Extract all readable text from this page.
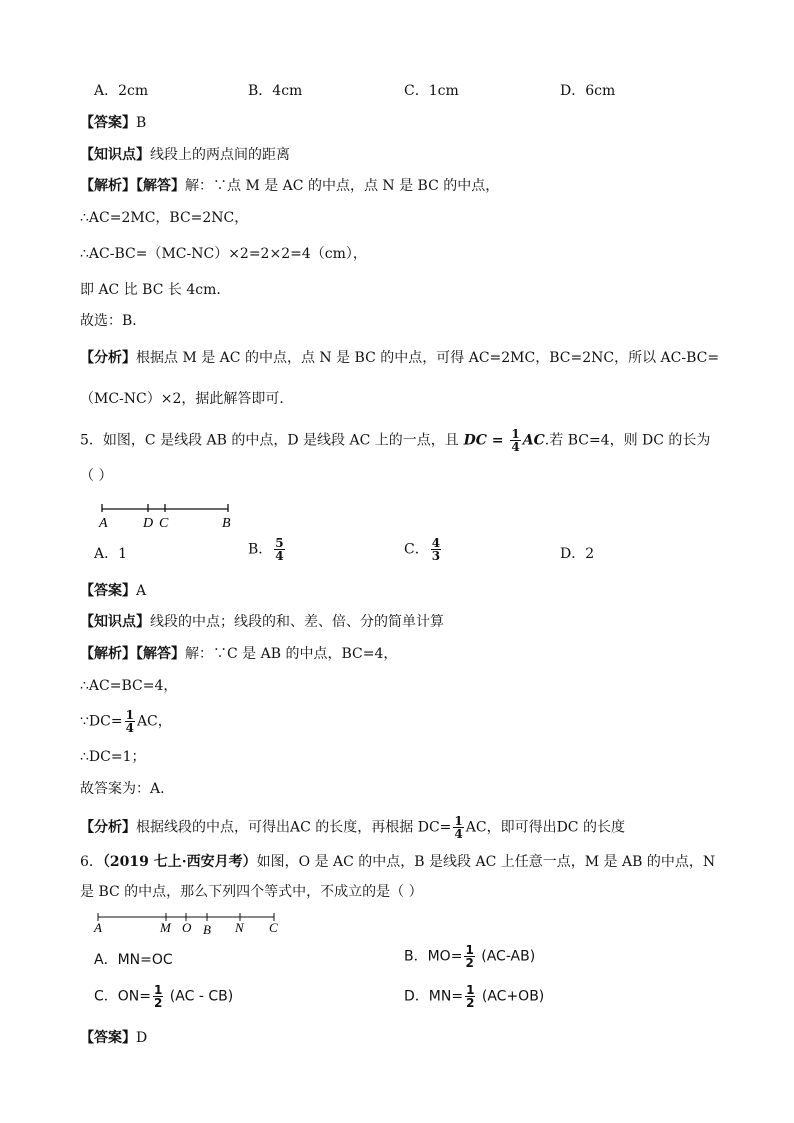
A．2cm	B．4cm	C．1cm	D．6cm
【答案】B
【知识点】线段上的两点间的距离
【解析】【解答】解：∵点 M 是 AC 的中点，点 N 是 BC 的中点，
∴AC=2MC，BC=2NC，
∴AC-BC=（MC-NC）×2=2×2=4（cm），
即 AC 比 BC 长 4cm．
故选：B．
【分析】根据点 M 是 AC 的中点，点 N 是 BC 的中点，可得 AC=2MC，BC=2NC，所以 AC-BC=
（MC-NC）×2，据此解答即可．
5．如图，C 是线段 AB 的中点，D 是线段 AC 上的一点，且 DC = $\frac{1}{4}$ AC.若 BC=4，则 DC 的长为
（ ）
A	D C	B
A．1	B． $\frac{5}{4}$	C． $\frac{4}{3}$	D．2
【答案】A
【知识点】线段的中点；线段的和、差、倍、分的简单计算
【解析】【解答】解：∵C 是 AB 的中点，BC=4，
∴AC=BC=4，
∵DC= $\frac{1}{4}$ AC，
∴DC=1；
故答案为：A.
【分析】根据线段的中点，可得出AC 的长度，再根据 $DC= \frac{1}{4}$ AC，即可得出DC 的长度
6．（2019 七上·西安月考）如图，O 是 AC 的中点，B 是线段 AC 上任意一点，M 是 AB 的中点，N
是 BC 的中点，那么下列四个等式中，不成立的是（ ）
A	M O B N C
A．MN=OC	B．$MO= \frac{1}{2} (AC-AB)$
C．$ON= \frac{1}{2} (AC - CB)$	D．$MN= \frac{1}{2} (AC+OB)$
【答案】D
